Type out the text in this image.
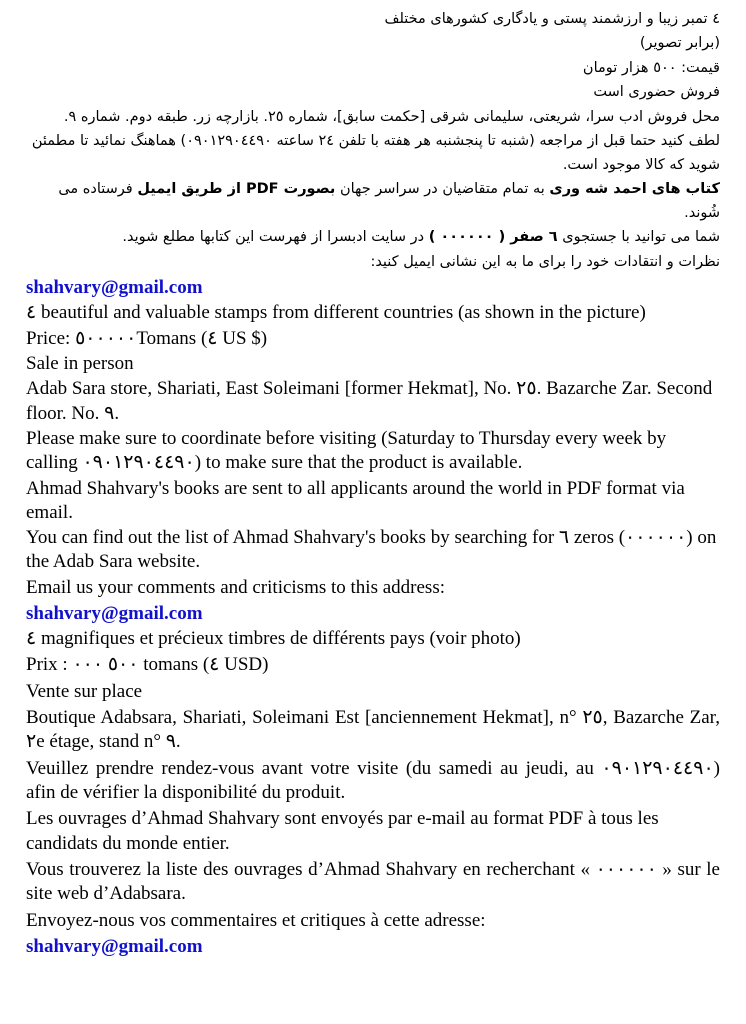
٤ تمبر زیبا و ارزشمند پستی و یادگاری کشورهای مختلف

(برابر تصویر)

قیمت: ٥٠٠ هزار تومان

فروش حضوری است

محل فروش ادب سرا، شریعتی، سلیمانی شرقی [حکمت سابق]، شماره ٢٥. بازارچه زر. طبقه دوم. شماره ٩.

لطف کنید حتما قبل از مراجعه (شنبه تا پنجشنبه هر هفته با تلفن ٢٤ ساعته ٠٩٠١٢٩٠٤٤٩٠) هماهنگ نمائید تا مطمئن شوید که کالا موجود است.

کتاب های احمد شه وری به تمام متقاضیان در سراسر جهان بصورت PDF از طریق ایمیل فرستاده می شُوند.

شما می توانید با جستجوی ٦ صفر ( ٠٠٠٠٠٠ ) در سایت ادبسرا از فهرست این کتابها مطلع شوید.

نظرات و انتقادات خود را برای ما به این نشانی ایمیل کنید:

shahvary@gmail.com

٤ beautiful and valuable stamps from different countries (as shown in the picture)

Price: ٥٠٠٠٠٠Tomans (٤ US $)

Sale in person

Adab Sara store, Shariati, East Soleimani [former Hekmat], No. ٢٥. Bazarche Zar. Second floor. No. ٩.

Please make sure to coordinate before visiting (Saturday to Thursday every week by calling ٠٩٠١٢٩٠٤٤٩٠) to make sure that the product is available.

Ahmad Shahvary's books are sent to all applicants around the world in PDF format via email.

You can find out the list of Ahmad Shahvary's books by searching for ٦ zeros (٠٠٠٠٠٠) on the Adab Sara website.

Email us your comments and criticisms to this address:

shahvary@gmail.com

٤ magnifiques et précieux timbres de différents pays (voir photo)

Prix : ٥٠٠ ٠٠٠ tomans (٤ USD)

Vente sur place

Boutique Adabsara, Shariati, Soleimani Est [anciennement Hekmat], n° ٢٥, Bazarche Zar, ٢e étage, stand n° ٩.

Veuillez prendre rendez-vous avant votre visite (du samedi au jeudi, au ٠٩٠١٢٩٠٤٤٩٠) afin de vérifier la disponibilité du produit.

Les ouvrages d’Ahmad Shahvary sont envoyés par e-mail au format PDF à tous les candidats du monde entier.

Vous trouverez la liste des ouvrages d’Ahmad Shahvary en recherchant « ٠٠٠٠٠٠ » sur le site web d’Adabsara.

Envoyez-nous vos commentaires et critiques à cette adresse:

shahvary@gmail.com
